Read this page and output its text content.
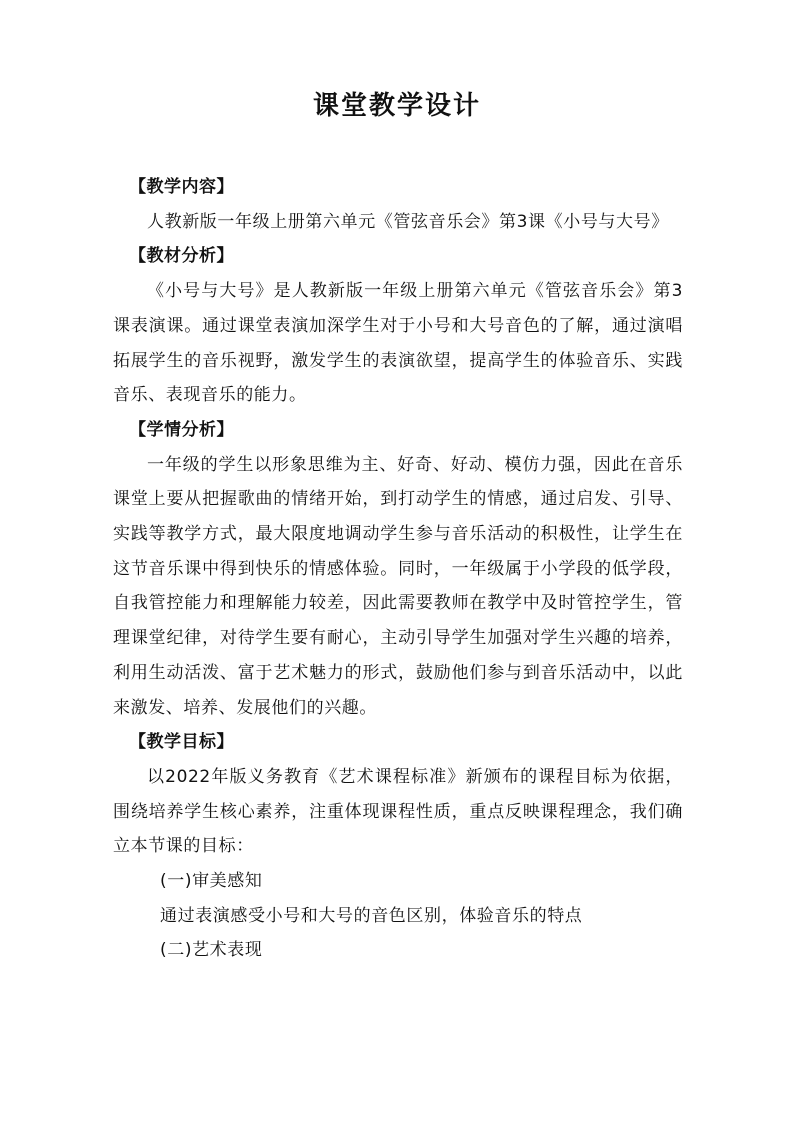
课堂教学设计
【教学内容】

人教新版一年级上册第六单元《管弦音乐会》第3课《小号与大号》

【教材分析】

《小号与大号》是人教新版一年级上册第六单元《管弦音乐会》第3课表演课。通过课堂表演加深学生对于小号和大号音色的了解，通过演唱拓展学生的音乐视野，激发学生的表演欲望，提高学生的体验音乐、实践音乐、表现音乐的能力。

【学情分析】

一年级的学生以形象思维为主、好奇、好动、模仿力强，因此在音乐课堂上要从把握歌曲的情绪开始，到打动学生的情感，通过启发、引导、实践等教学方式，最大限度地调动学生参与音乐活动的积极性，让学生在这节音乐课中得到快乐的情感体验。同时，一年级属于小学段的低学段，自我管控能力和理解能力较差，因此需要教师在教学中及时管控学生，管理课堂纪律，对待学生要有耐心，主动引导学生加强对学生兴趣的培养，利用生动活泼、富于艺术魅力的形式，鼓励他们参与到音乐活动中，以此来激发、培养、发展他们的兴趣。

【教学目标】

以2022年版义务教育《艺术课程标准》新颁布的课程目标为依据，围绕培养学生核心素养，注重体现课程性质，重点反映课程理念，我们确立本节课的目标：

(一)审美感知

通过表演感受小号和大号的音色区别，体验音乐的特点

(二)艺术表现
